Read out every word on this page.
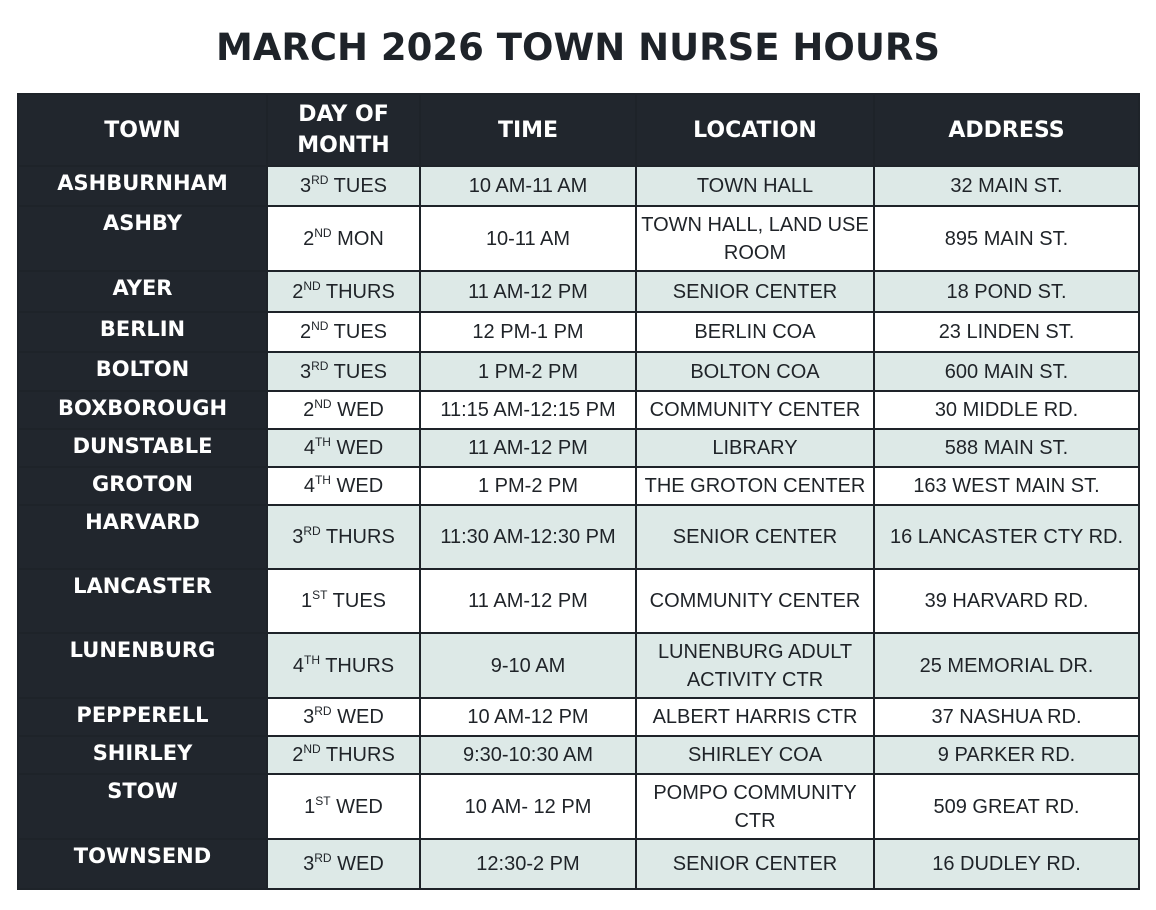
MARCH 2026 TOWN NURSE HOURS
TOWN	DAY OF MONTH	TIME	LOCATION	ADDRESS
ASHBURNHAM	3RD TUES	10 AM-11 AM	TOWN HALL	32 MAIN ST.
ASHBY	2ND MON	10-11 AM	TOWN HALL, LAND USE ROOM	895 MAIN ST.
AYER	2ND THURS	11 AM-12 PM	SENIOR CENTER	18 POND ST.
BERLIN	2ND TUES	12 PM-1 PM	BERLIN COA	23 LINDEN ST.
BOLTON	3RD TUES	1 PM-2 PM	BOLTON COA	600 MAIN ST.
BOXBOROUGH	2ND WED	11:15 AM-12:15 PM	COMMUNITY CENTER	30 MIDDLE RD.
DUNSTABLE	4TH WED	11 AM-12 PM	LIBRARY	588 MAIN ST.
GROTON	4TH WED	1 PM-2 PM	THE GROTON CENTER	163 WEST MAIN ST.
HARVARD	3RD THURS	11:30 AM-12:30 PM	SENIOR CENTER	16 LANCASTER CTY RD.
LANCASTER	1ST TUES	11 AM-12 PM	COMMUNITY CENTER	39 HARVARD RD.
LUNENBURG	4TH THURS	9-10 AM	LUNENBURG ADULT ACTIVITY CTR	25 MEMORIAL DR.
PEPPERELL	3RD WED	10 AM-12 PM	ALBERT HARRIS CTR	37 NASHUA RD.
SHIRLEY	2ND THURS	9:30-10:30 AM	SHIRLEY COA	9 PARKER RD.
STOW	1ST WED	10 AM- 12 PM	POMPO COMMUNITY CTR	509 GREAT RD.
TOWNSEND	3RD WED	12:30-2 PM	SENIOR CENTER	16 DUDLEY RD.
